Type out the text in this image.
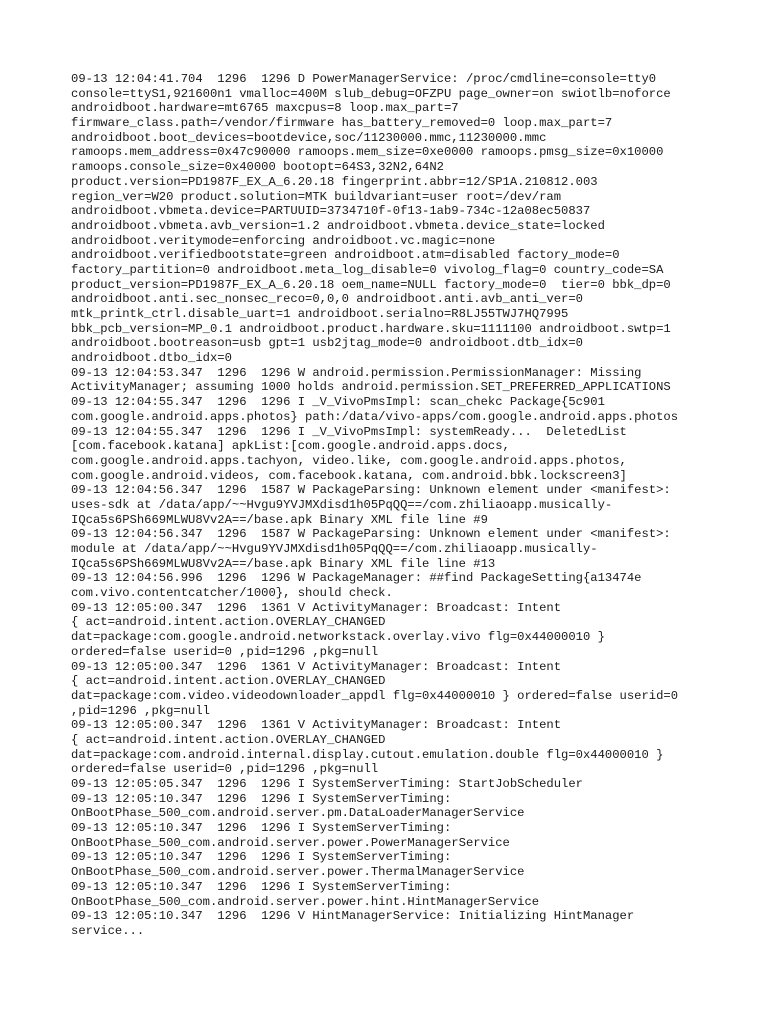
09-13 12:04:41.704  1296  1296 D PowerManagerService: /proc/cmdline=console=tty0
console=ttyS1,921600n1 vmalloc=400M slub_debug=OFZPU page_owner=on swiotlb=noforce
androidboot.hardware=mt6765 maxcpus=8 loop.max_part=7
firmware_class.path=/vendor/firmware has_battery_removed=0 loop.max_part=7
androidboot.boot_devices=bootdevice,soc/11230000.mmc,11230000.mmc
ramoops.mem_address=0x47c90000 ramoops.mem_size=0xe0000 ramoops.pmsg_size=0x10000
ramoops.console_size=0x40000 bootopt=64S3,32N2,64N2
product.version=PD1987F_EX_A_6.20.18 fingerprint.abbr=12/SP1A.210812.003
region_ver=W20 product.solution=MTK buildvariant=user root=/dev/ram
androidboot.vbmeta.device=PARTUUID=3734710f-0f13-1ab9-734c-12a08ec50837
androidboot.vbmeta.avb_version=1.2 androidboot.vbmeta.device_state=locked
androidboot.veritymode=enforcing androidboot.vc.magic=none
androidboot.verifiedbootstate=green androidboot.atm=disabled factory_mode=0
factory_partition=0 androidboot.meta_log_disable=0 vivolog_flag=0 country_code=SA
product_version=PD1987F_EX_A_6.20.18 oem_name=NULL factory_mode=0  tier=0 bbk_dp=0
androidboot.anti.sec_nonsec_reco=0,0,0 androidboot.anti.avb_anti_ver=0
mtk_printk_ctrl.disable_uart=1 androidboot.serialno=R8LJ55TWJ7HQ7995
bbk_pcb_version=MP_0.1 androidboot.product.hardware.sku=1111100 androidboot.swtp=1
androidboot.bootreason=usb gpt=1 usb2jtag_mode=0 androidboot.dtb_idx=0
androidboot.dtbo_idx=0
09-13 12:04:53.347  1296  1296 W android.permission.PermissionManager: Missing
ActivityManager; assuming 1000 holds android.permission.SET_PREFERRED_APPLICATIONS
09-13 12:04:55.347  1296  1296 I _V_VivoPmsImpl: scan_chekc Package{5c901
com.google.android.apps.photos} path:/data/vivo-apps/com.google.android.apps.photos
09-13 12:04:55.347  1296  1296 I _V_VivoPmsImpl: systemReady...  DeletedList
[com.facebook.katana] apkList:[com.google.android.apps.docs,
com.google.android.apps.tachyon, video.like, com.google.android.apps.photos,
com.google.android.videos, com.facebook.katana, com.android.bbk.lockscreen3]
09-13 12:04:56.347  1296  1587 W PackageParsing: Unknown element under <manifest>:
uses-sdk at /data/app/~~Hvgu9YVJMXdisd1h05PqQQ==/com.zhiliaoapp.musically-
IQca5s6PSh669MLWU8Vv2A==/base.apk Binary XML file line #9
09-13 12:04:56.347  1296  1587 W PackageParsing: Unknown element under <manifest>:
module at /data/app/~~Hvgu9YVJMXdisd1h05PqQQ==/com.zhiliaoapp.musically-
IQca5s6PSh669MLWU8Vv2A==/base.apk Binary XML file line #13
09-13 12:04:56.996  1296  1296 W PackageManager: ##find PackageSetting{a13474e
com.vivo.contentcatcher/1000}, should check.
09-13 12:05:00.347  1296  1361 V ActivityManager: Broadcast: Intent
{ act=android.intent.action.OVERLAY_CHANGED
dat=package:com.google.android.networkstack.overlay.vivo flg=0x44000010 }
ordered=false userid=0 ,pid=1296 ,pkg=null
09-13 12:05:00.347  1296  1361 V ActivityManager: Broadcast: Intent
{ act=android.intent.action.OVERLAY_CHANGED
dat=package:com.video.videodownloader_appdl flg=0x44000010 } ordered=false userid=0
,pid=1296 ,pkg=null
09-13 12:05:00.347  1296  1361 V ActivityManager: Broadcast: Intent
{ act=android.intent.action.OVERLAY_CHANGED
dat=package:com.android.internal.display.cutout.emulation.double flg=0x44000010 }
ordered=false userid=0 ,pid=1296 ,pkg=null
09-13 12:05:05.347  1296  1296 I SystemServerTiming: StartJobScheduler
09-13 12:05:10.347  1296  1296 I SystemServerTiming:
OnBootPhase_500_com.android.server.pm.DataLoaderManagerService
09-13 12:05:10.347  1296  1296 I SystemServerTiming:
OnBootPhase_500_com.android.server.power.PowerManagerService
09-13 12:05:10.347  1296  1296 I SystemServerTiming:
OnBootPhase_500_com.android.server.power.ThermalManagerService
09-13 12:05:10.347  1296  1296 I SystemServerTiming:
OnBootPhase_500_com.android.server.power.hint.HintManagerService
09-13 12:05:10.347  1296  1296 V HintManagerService: Initializing HintManager
service...
